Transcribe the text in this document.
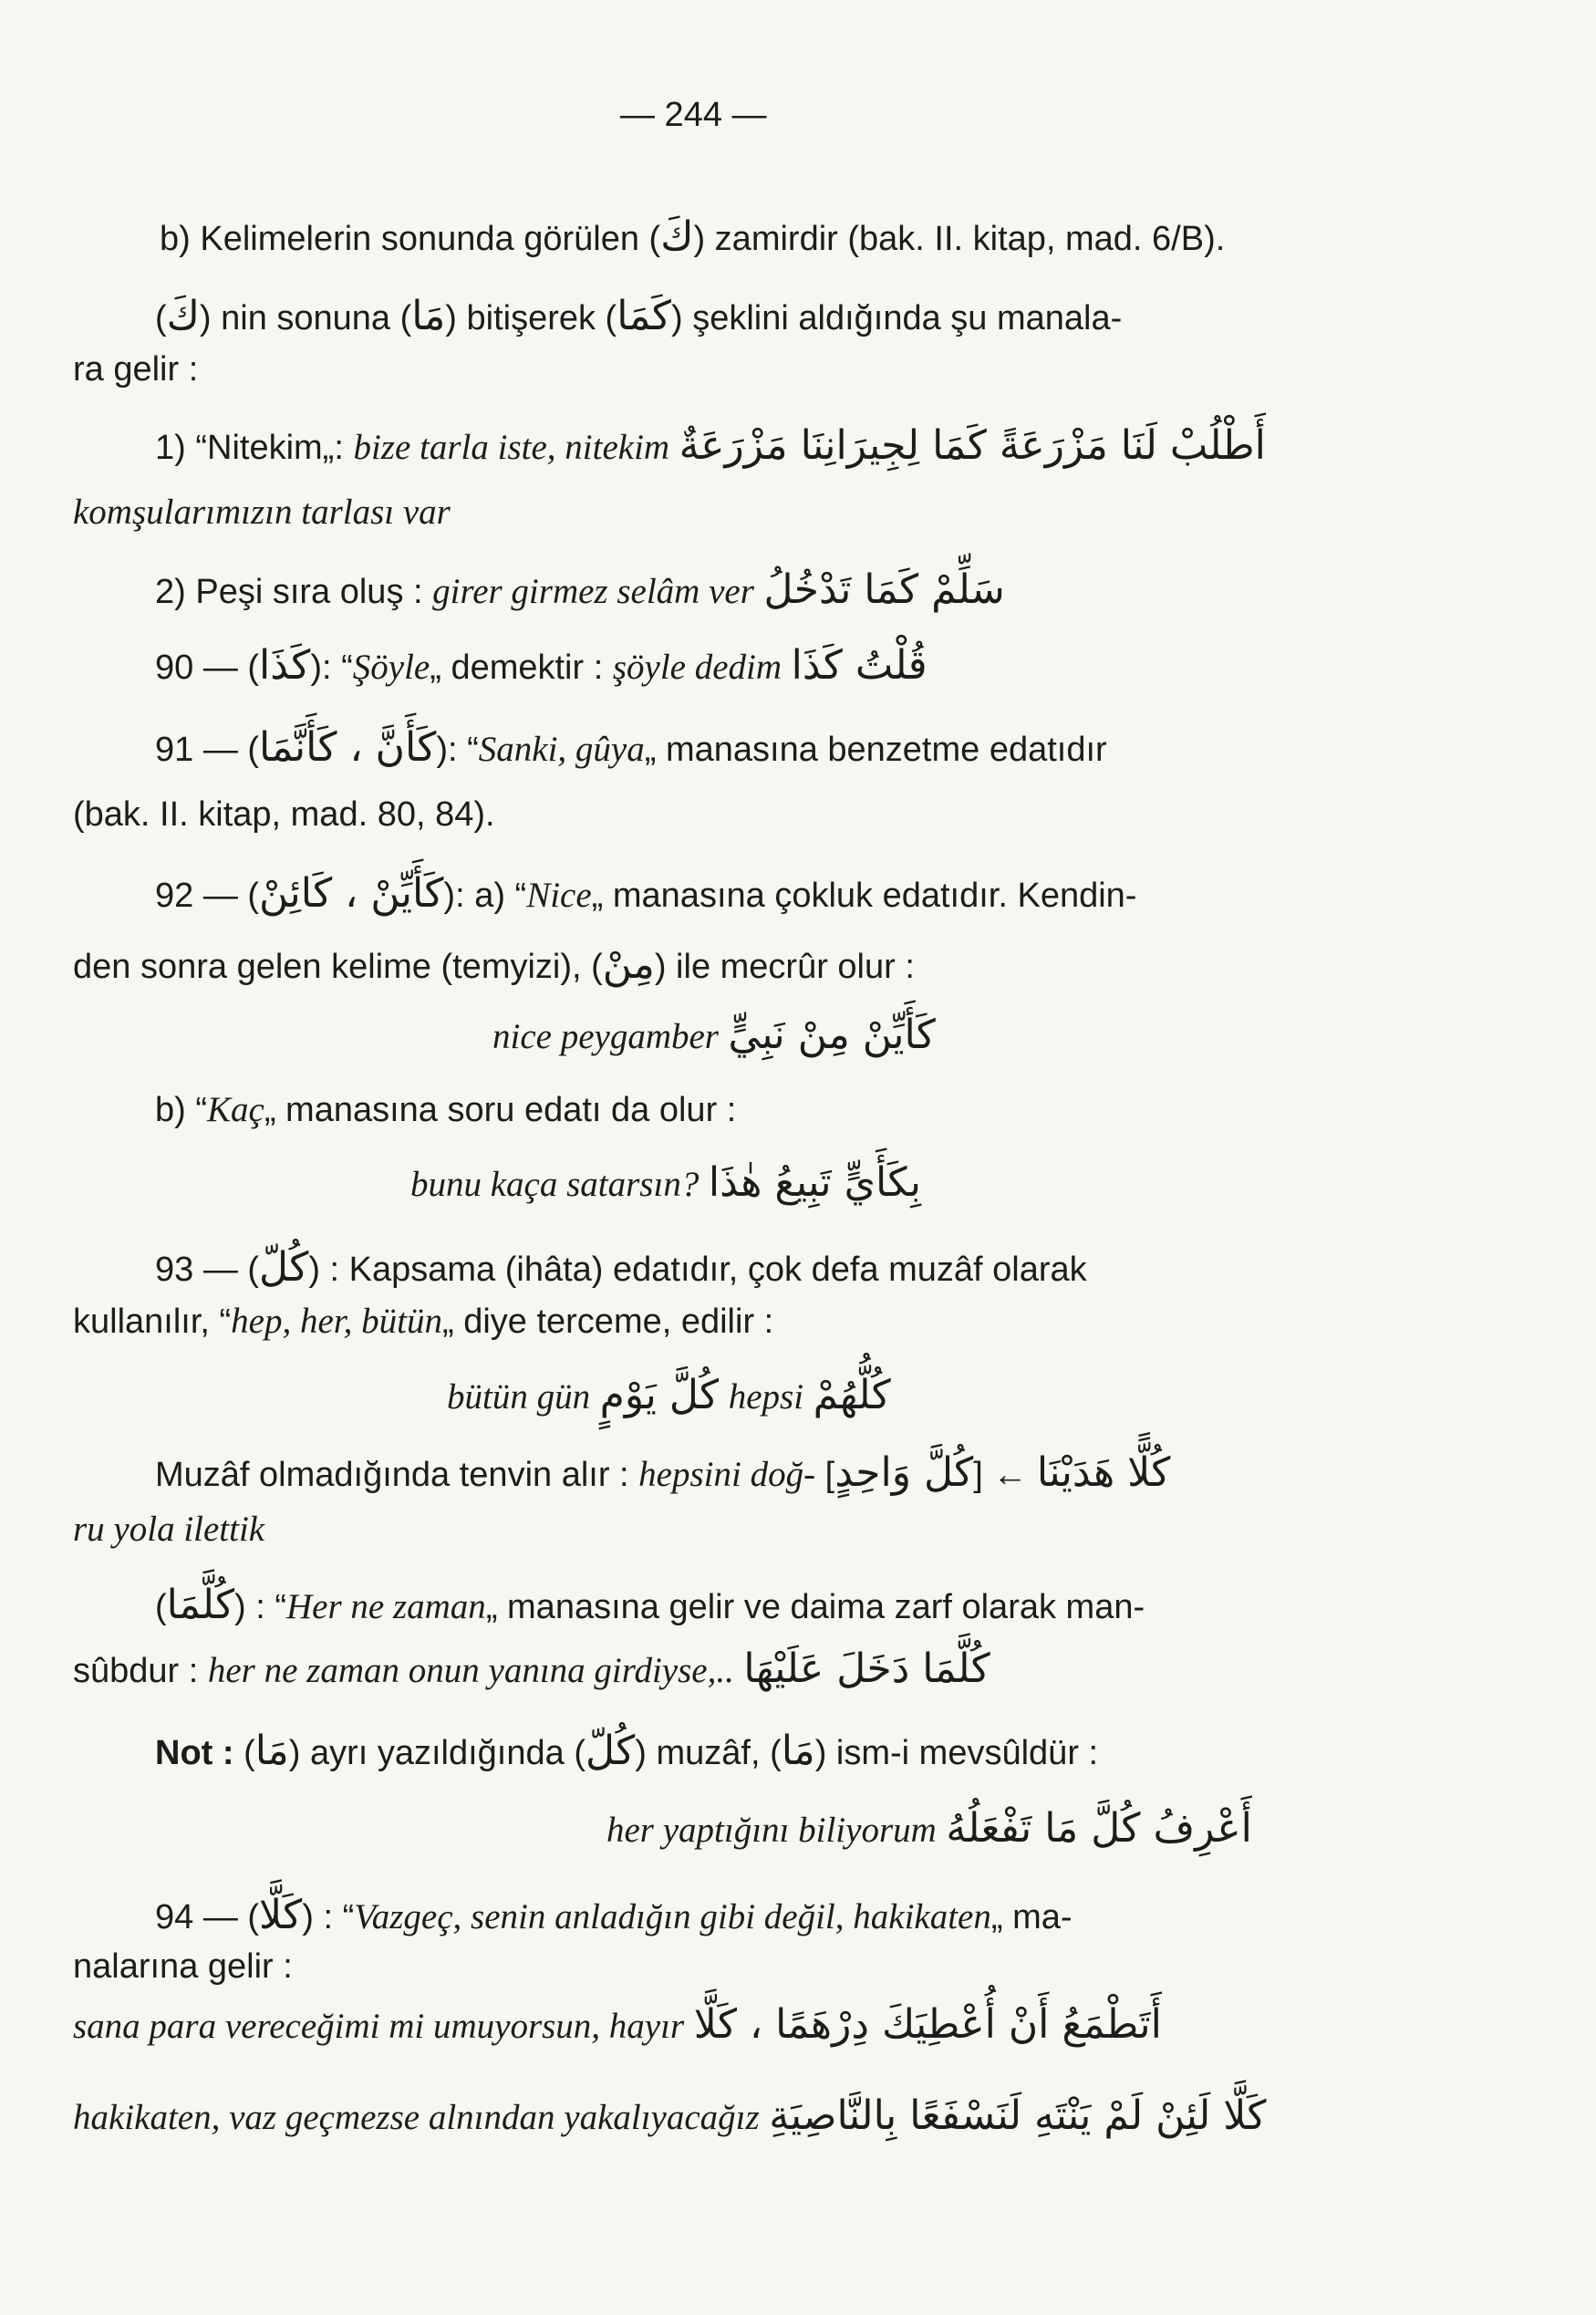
— 244 —
b) Kelimelerin sonunda görülen (كَ) zamirdir (bak. II. kitap, mad. 6/B).
(كَ) nin sonuna (مَا) bitişerek (كَمَا) şeklini aldığında şu manala-
ra gelir :
1) “Nitekim„: bize tarla iste, nitekim أَطْلُبْ لَنَا مَزْرَعَةً كَمَا لِجِيرَانِنَا مَزْرَعَةٌ
komşularımızın tarlası var
2) Peşi sıra oluş : girer girmez selâm ver سَلِّمْ كَمَا تَدْخُلُ
90 — (كَذَا): “Şöyle„ demektir : şöyle dedim قُلْتُ كَذَا
91 — (كَأَنَّ ، كَأَنَّمَا): “Sanki, gûya„ manasına benzetme edatıdır
(bak. II. kitap, mad. 80, 84).
92 — (كَأَيِّنْ ، كَائِنْ): a) “Nice„ manasına çokluk edatıdır. Kendin-
den sonra gelen kelime (temyizi), (مِنْ) ile mecrûr olur :
nice peygamber كَأَيِّنْ مِنْ نَبِيٍّ
b) “Kaç„ manasına soru edatı da olur :
bunu kaça satarsın? بِكَأَيٍّ تَبِيعُ هٰذَا
93 — (كُلّ) : Kapsama (ihâta) edatıdır, çok defa muzâf olarak
kullanılır, “hep, her, bütün„ diye terceme, edilir :
bütün gün كُلَّ يَوْمٍ hepsi كُلُّهُمْ
Muzâf olmadığında tenvin alır : hepsini doğ- [كُلَّ وَاحِدٍ] ← كُلًّا هَدَيْنَا
ru yola ilettik
(كُلَّمَا) : “Her ne zaman„ manasına gelir ve daima zarf olarak man-
sûbdur : her ne zaman onun yanına girdiyse,.. كُلَّمَا دَخَلَ عَلَيْهَا
Not : (مَا) ayrı yazıldığında (كُلّ) muzâf, (مَا) ism-i mevsûldür :
her yaptığını biliyorum أَعْرِفُ كُلَّ مَا تَفْعَلُهُ
94 — (كَلَّا) : “Vazgeç, senin anladığın gibi değil, hakikaten„ ma-
nalarına gelir :
sana para vereceğimi mi umuyorsun, hayır أَتَطْمَعُ أَنْ أُعْطِيَكَ دِرْهَمًا ، كَلَّا
hakikaten, vaz geçmezse alnından yakalıyacağız كَلَّا لَئِنْ لَمْ يَنْتَهِ لَنَسْفَعًا بِالنَّاصِيَةِ
